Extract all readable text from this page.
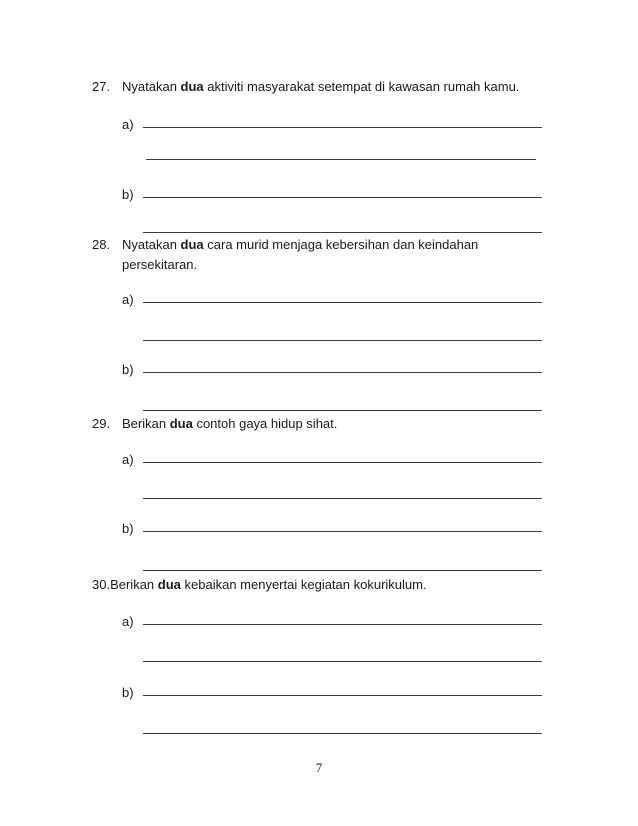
27. Nyatakan dua aktiviti masyarakat setempat di kawasan rumah kamu.
a)
b)
28. Nyatakan dua cara murid menjaga kebersihan dan keindahan
persekitaran.
a)
b)
29. Berikan dua contoh gaya hidup sihat.
a)
b)
30.Berikan dua kebaikan menyertai kegiatan kokurikulum.
a)
b)
7
